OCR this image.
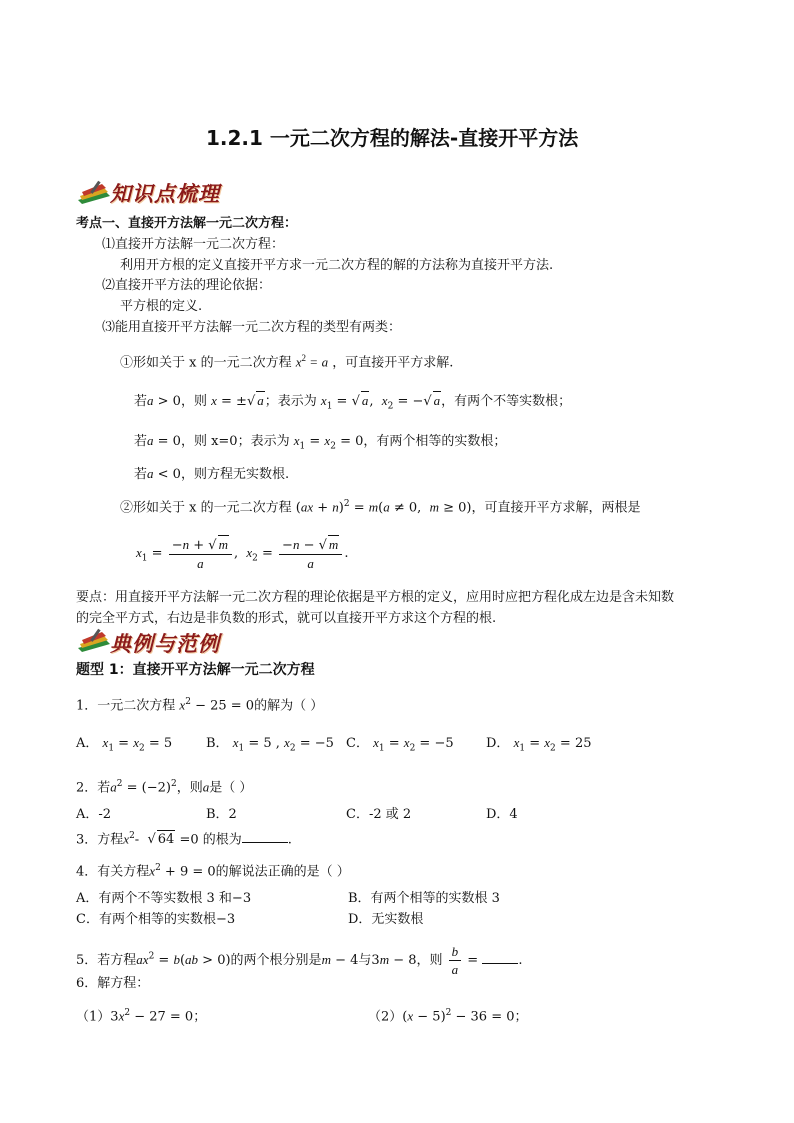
1.2.1 一元二次方程的解法-直接开平方法
知识点梳理
考点一、直接开方法解一元二次方程：
⑴直接开方法解一元二次方程：
利用开方根的定义直接开平方求一元二次方程的解的方法称为直接开平方法.
⑵直接开平方法的理论依据：
平方根的定义.
⑶能用直接开平方法解一元二次方程的类型有两类：
①形如关于 x 的一元二次方程 $x^2 = a$ ，可直接开平方求解.
若a > 0，则 x = ± √ a；表示为 $x_1$ = √ a,  $x_2$ = − √ a，有两个不等实数根；
若a = 0，则 x=0；表示为 $x_1 = x_2 = 0$，有两个相等的实数根；
若a < 0，则方程无实数根.
②形如关于 x 的一元二次方程 (ax + n)$^2$ = m(a ≠ 0,  m ≥ 0)，可直接开平方求解，两根是
$x_1 = \frac{-n + √ m}{a}$ ,  $x_2 = \frac{-n - √ m}{a}$ .
要点：用直接开平方法解一元二次方程的理论依据是平方根的定义，应用时应把方程化成左边是含未知数
的完全平方式，右边是非负数的形式，就可以直接开平方求这个方程的根.
典例与范例
题型 1：直接开平方法解一元二次方程
1．一元二次方程 $x^2 - 25 = 0$的解为（ ）
A． $x_1 = x_2 = 5$	B． $x_1 = 5$ , $x_2 = -5$ C． $x_1 = x_2 = -5$ D． $x_1 = x_2 = 25$
2．若$a^2 = (-2)^2$，则a是（ ）
A．-2	B．2	C．-2 或 2	D．4
3．方程$x^2-$  √ 64 =0 的根为	.
4．有关方程$x^2 + 9 = 0$的解说法正确的是（ ）
A．有两个不等实数根 3 和−3	B．有两个相等的实数根 3
C．有两个相等的实数根−3	D．无实数根
5．若方程$ax^2 = b(ab > 0)$的两个根分别是m − 4与3m − 8，则 $\frac{b}{a}$ =	.
6．解方程：
$(1)3x^2 - 27 = 0$；	$(2)(x - 5)^2 - 36 = 0$；
